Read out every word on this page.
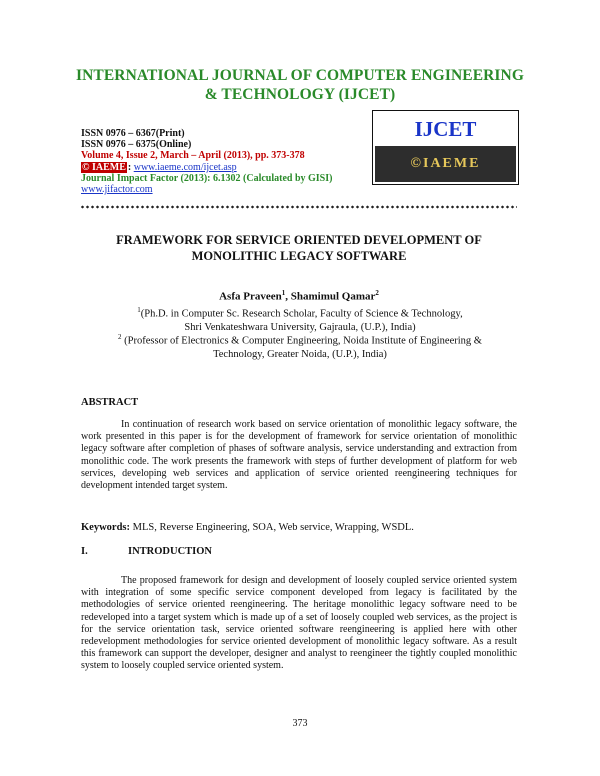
INTERNATIONAL JOURNAL OF COMPUTER ENGINEERING
& TECHNOLOGY (IJCET)
ISSN 0976 – 6367(Print)
ISSN 0976 – 6375(Online)
Volume 4, Issue 2, March – April (2013), pp. 373-378
© IAEME : www.iaeme.com/ijcet.asp
Journal Impact Factor (2013): 6.1302 (Calculated by GISI)
www.jifactor.com
IJCET
©IAEME
FRAMEWORK FOR SERVICE ORIENTED DEVELOPMENT OF
MONOLITHIC LEGACY SOFTWARE
Asfa Praveen$^1$, Shamimul Qamar$^2$
$^1$(Ph.D. in Computer Sc. Research Scholar, Faculty of Science & Technology,
Shri Venkateshwara University, Gajraula, (U.P.), India)
$^2$ (Professor of Electronics & Computer Engineering, Noida Institute of Engineering &
Technology, Greater Noida, (U.P.), India)
ABSTRACT
In continuation of research work based on service orientation of monolithic legacy software, the work presented in this paper is for the development of framework for service orientation of monolithic legacy software after completion of phases of software analysis, service understanding and extraction from monolithic code. The work presents the framework with steps of further development of platform for web services, developing web services and application of service oriented reengineering techniques for development intended target system.
Keywords: MLS, Reverse Engineering, SOA, Web service, Wrapping, WSDL.
I.	INTRODUCTION
The proposed framework for design and development of loosely coupled service oriented system with integration of some specific service component developed from legacy is facilitated by the methodologies of service oriented reengineering. The heritage monolithic legacy software need to be redeveloped into a target system which is made up of a set of loosely coupled web services, as the project is for the service orientation task, service oriented software reengineering is applied here with other redevelopment methodologies for service oriented development of monolithic legacy software. As a result this framework can support the developer, designer and analyst to reengineer the tightly coupled monolithic system to loosely coupled service oriented system.
373
